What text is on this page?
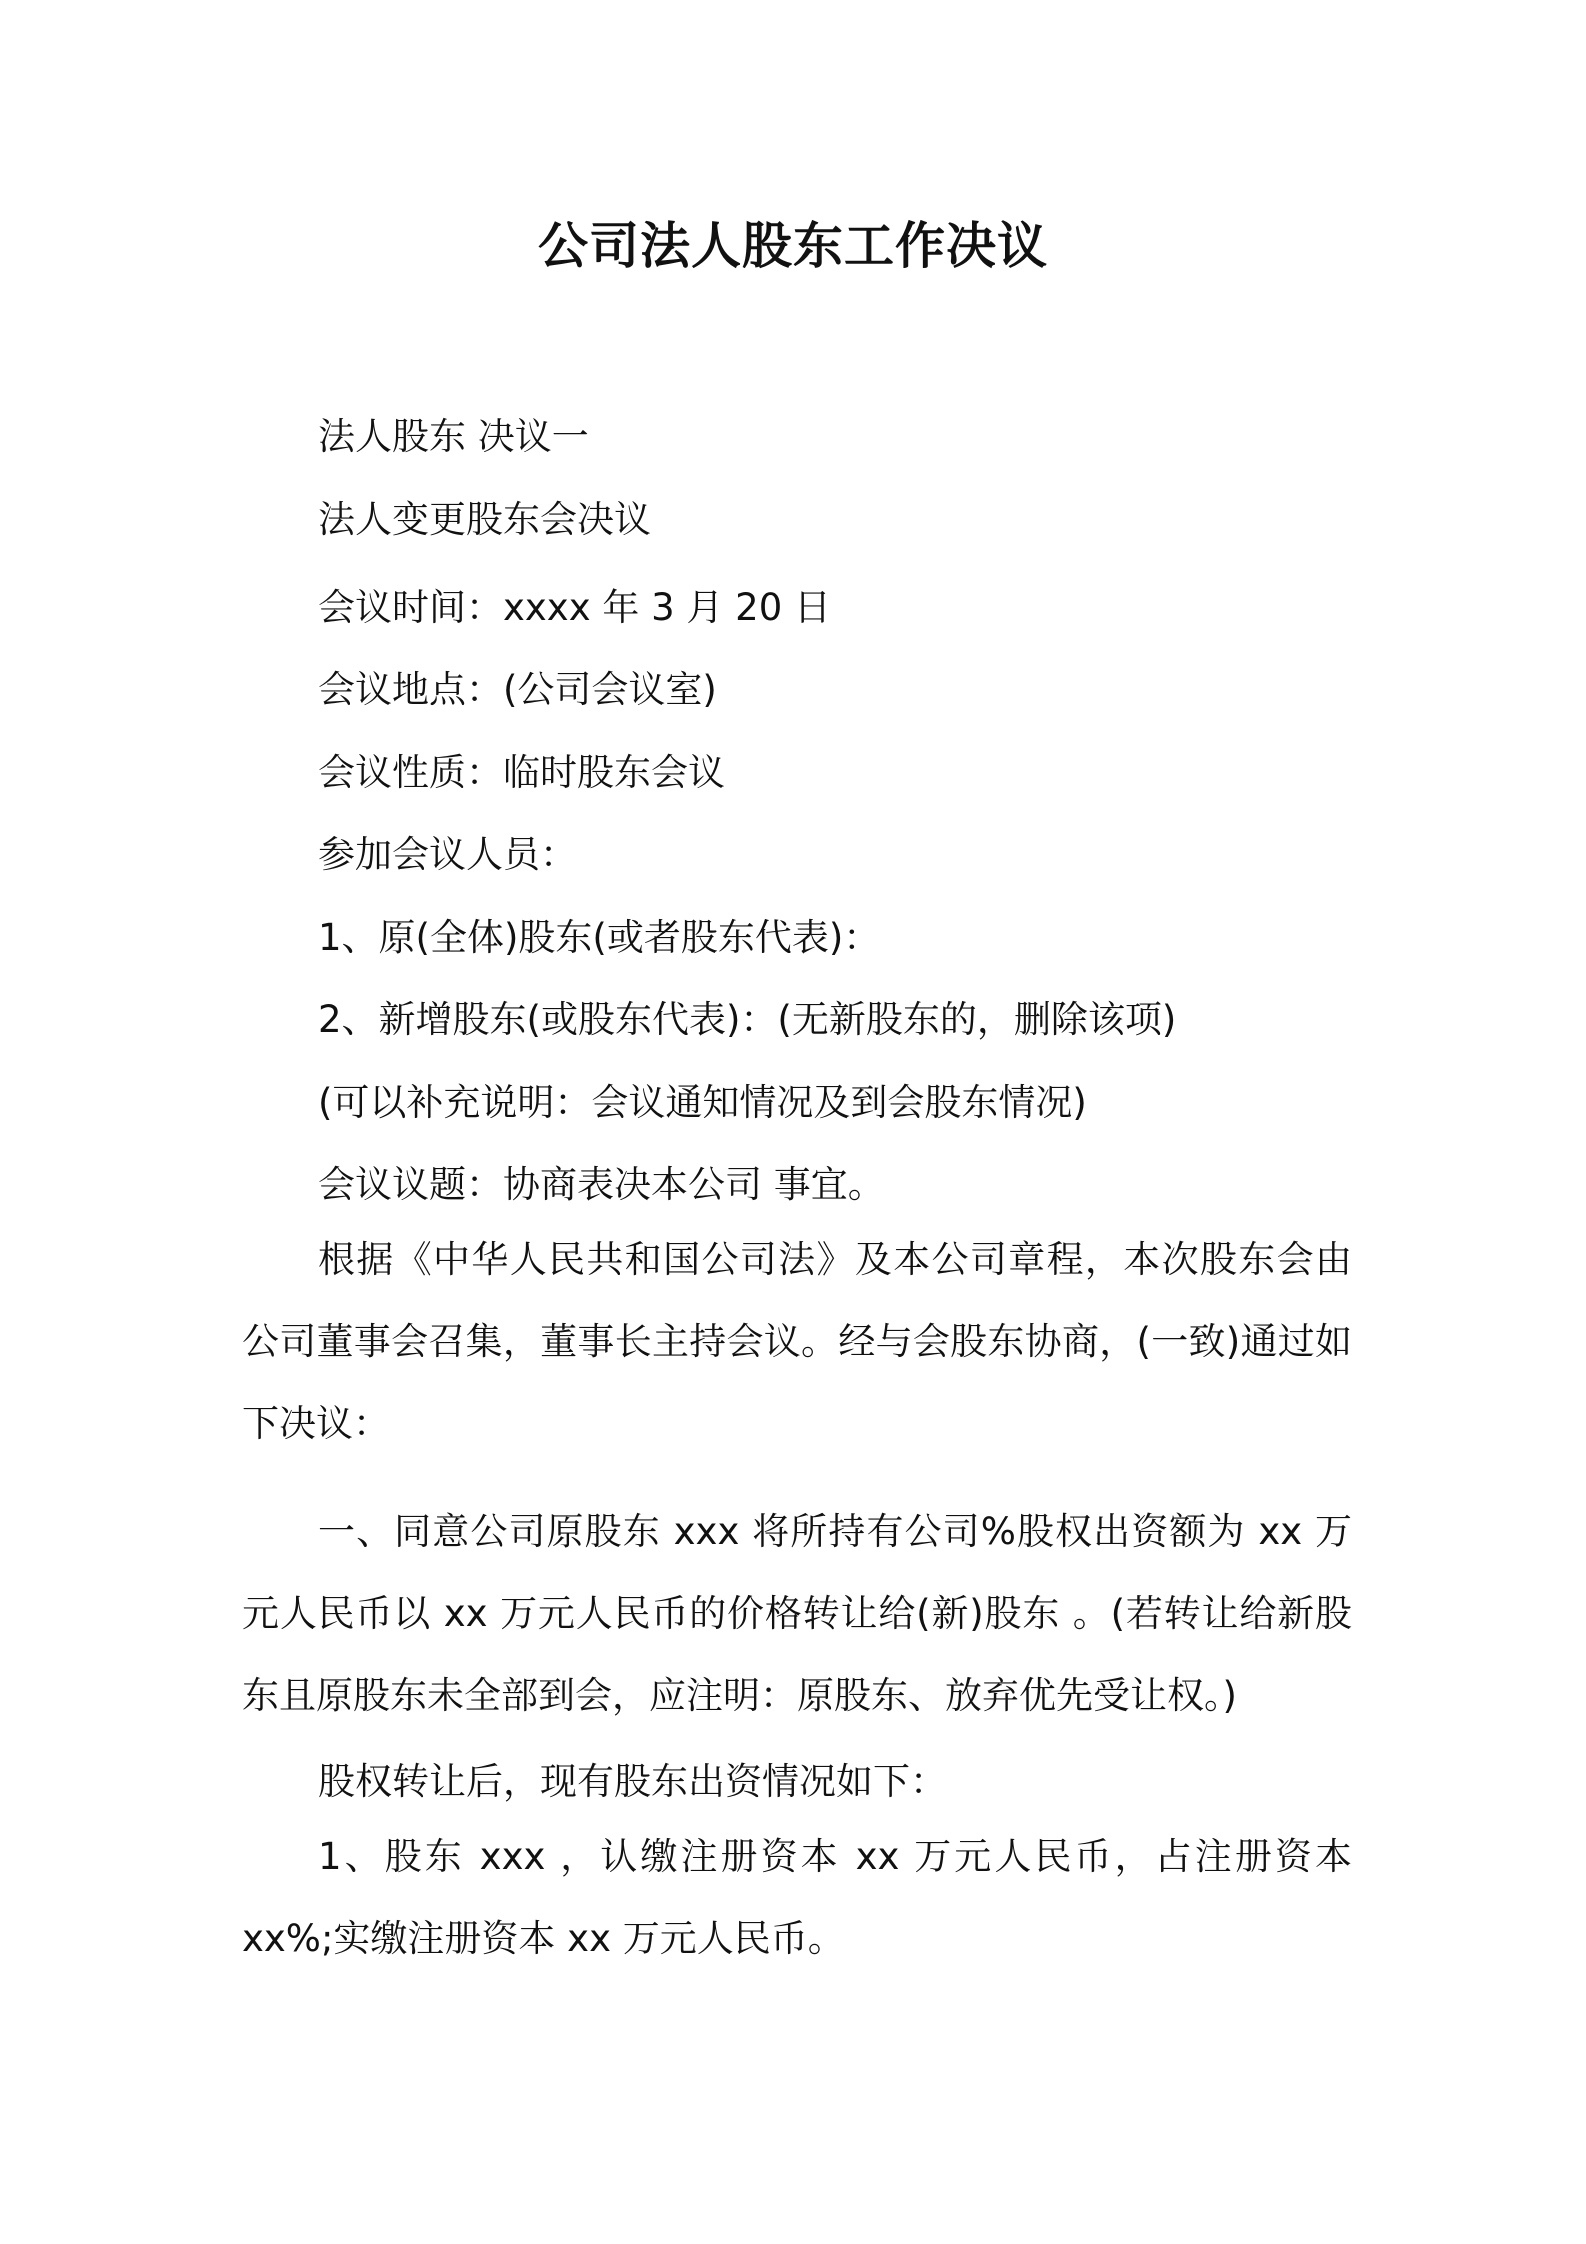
公司法人股东工作决议
法人股东 决议一
法人变更股东会决议
会议时间：xxxx 年 3 月 20 日
会议地点：(公司会议室)
会议性质：临时股东会议
参加会议人员：
1、原(全体)股东(或者股东代表)：
2、新增股东(或股东代表)：(无新股东的，删除该项)
(可以补充说明：会议通知情况及到会股东情况)
会议议题：协商表决本公司 事宜。
根据《中华人民共和国公司法》及本公司章程，本次股东会由公司董事会召集，董事长主持会议。经与会股东协商，(一致)通过如下决议：
一、同意公司原股东 xxx 将所持有公司%股权出资额为 xx 万元人民币以 xx 万元人民币的价格转让给(新)股东 。(若转让给新股东且原股东未全部到会，应注明：原股东、放弃优先受让权。)
股权转让后，现有股东出资情况如下：
1、股东 xxx ，认缴注册资本 xx 万元人民币，占注册资本 xx%;实缴注册资本 xx 万元人民币。
